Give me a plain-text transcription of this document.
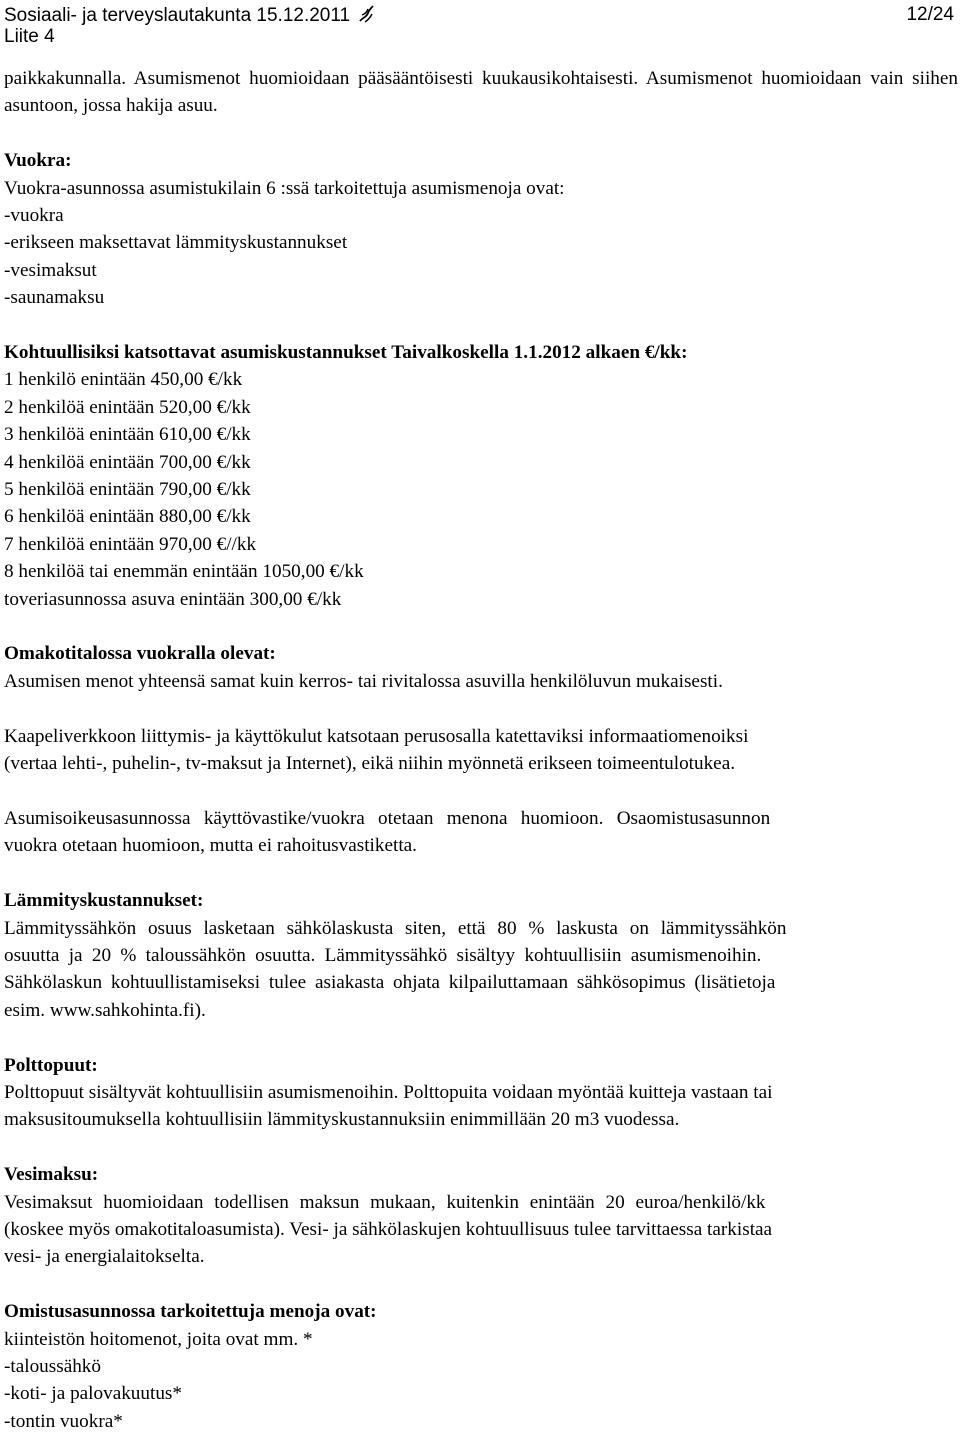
Sosiaali- ja terveyslautakunta 15.12.2011
Liite 4
12/24

paikkakunnalla. Asumismenot huomioidaan pääsääntöisesti kuukausikohtaisesti. Asumismenot huomioidaan vain siihen asuntoon, jossa hakija asuu.

Vuokra:
Vuokra-asunnossa asumistukilain 6 :ssä tarkoitettuja asumismenoja ovat:
-vuokra
-erikseen maksettavat lämmityskustannukset
-vesimaksut
-saunamaksu
Kohtuullisiksi katsottavat asumiskustannukset Taivalkoskella 1.1.2012 alkaen €/kk:
1 henkilö enintään 450,00 €/kk
2 henkilöä enintään 520,00 €/kk
3 henkilöä enintään 610,00 €/kk
4 henkilöä enintään 700,00 €/kk
5 henkilöä enintään 790,00 €/kk
6 henkilöä enintään 880,00 €/kk
7 henkilöä enintään 970,00 €//kk
8 henkilöä tai enemmän enintään 1050,00 €/kk
toveriasunnossa asuva enintään 300,00 €/kk
Omakotitalossa vuokralla olevat:
Asumisen menot yhteensä samat kuin kerros- tai rivitalossa asuvilla henkilöluvun mukaisesti.
Kaapeliverkkoon liittymis- ja käyttökulut katsotaan perusosalla katettaviksi informaatiomenoiksi
(vertaa lehti-, puhelin-, tv-maksut ja Internet), eikä niihin myönnetä erikseen toimeentulotukea.
Asumisoikeusasunnossa käyttövastike/vuokra otetaan menona huomioon. Osaomistusasunnon
vuokra otetaan huomioon, mutta ei rahoitusvastiketta.
Lämmityskustannukset:
Lämmityssähkön osuus lasketaan sähkölaskusta siten, että 80 % laskusta on lämmityssähkön
osuutta ja 20 % taloussähkön osuutta. Lämmityssähkö sisältyy kohtuullisiin asumismenoihin.
Sähkölaskun kohtuullistamiseksi tulee asiakasta ohjata kilpailuttamaan sähkösopimus (lisätietoja
esim. www.sahkohinta.fi).
Polttopuut:
Polttopuut sisältyvät kohtuullisiin asumismenoihin. Polttopuita voidaan myöntää kuitteja vastaan tai
maksusitoumuksella kohtuullisiin lämmityskustannuksiin enimmillään 20 m3 vuodessa.
Vesimaksu:
Vesimaksut huomioidaan todellisen maksun mukaan, kuitenkin enintään 20 euroa/henkilö/kk
(koskee myös omakotitaloasumista). Vesi- ja sähkölaskujen kohtuullisuus tulee tarvittaessa tarkistaa
vesi- ja energialaitokselta.
Omistusasunnossa tarkoitettuja menoja ovat:
kiinteistön hoitomenot, joita ovat mm. *
-taloussähkö
-koti- ja palovakuutus*
-tontin vuokra*
